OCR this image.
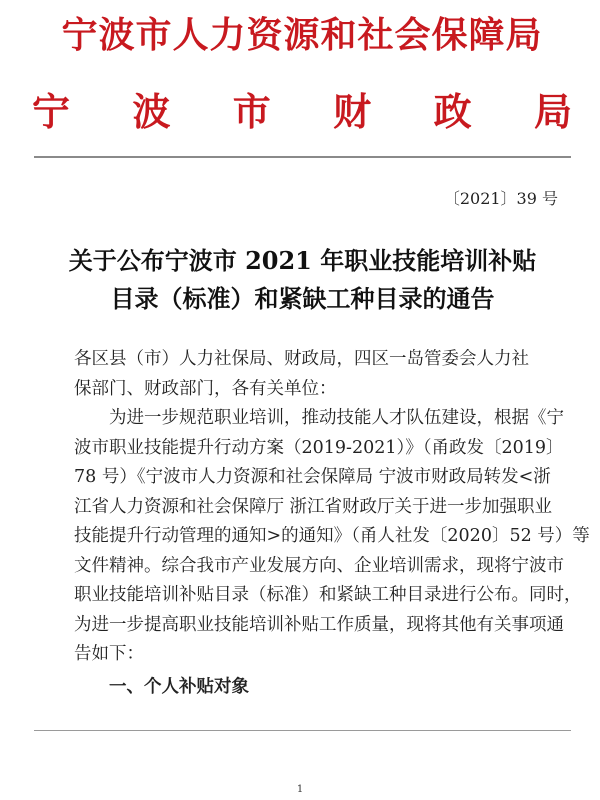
宁波市人力资源和社会保障局
宁 波 市 财 政 局
〔2021〕39 号
关于公布宁波市 2021 年职业技能培训补贴
目录（标准）和紧缺工种目录的通告

各区县（市）人力社保局、财政局，四区一岛管委会人力社
保部门、财政部门，各有关单位：

为进一步规范职业培训，推动技能人才队伍建设，根据《宁
波市职业技能提升行动方案（2019-2021）》（甬政发〔2019〕
78 号）《宁波市人力资源和社会保障局 宁波市财政局转发<浙
江省人力资源和社会保障厅 浙江省财政厅关于进一步加强职业
技能提升行动管理的通知>的通知》（甬人社发〔2020〕52 号）等
文件精神。综合我市产业发展方向、企业培训需求，现将宁波市
职业技能培训补贴目录（标准）和紧缺工种目录进行公布。同时，
为进一步提高职业技能培训补贴工作质量，现将其他有关事项通
告如下：

一、个人补贴对象

1
